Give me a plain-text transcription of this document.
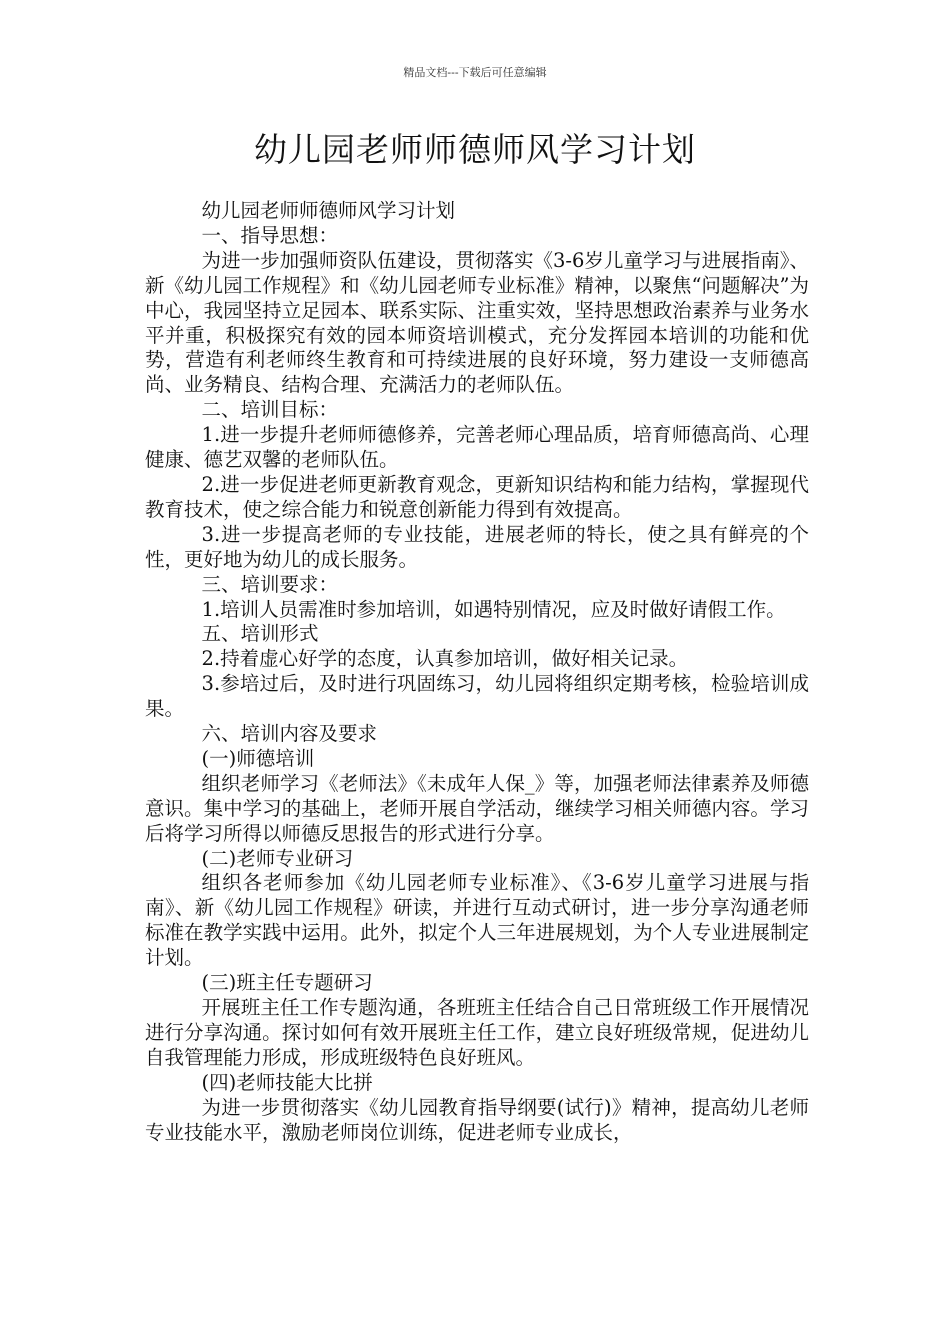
精品文档---下载后可任意编辑
幼儿园老师师德师风学习计划

幼儿园老师师德师风学习计划

一、指导思想：

为进一步加强师资队伍建设，贯彻落实《3-6岁儿童学习与进展指南》、新《幼儿园工作规程》和《幼儿园老师专业标准》精神，以聚焦“问题解决”为中心，我园坚持立足园本、联系实际、注重实效，坚持思想政治素养与业务水平并重，积极探究有效的园本师资培训模式，充分发挥园本培训的功能和优势，营造有利老师终生教育和可持续进展的良好环境，努力建设一支师德高尚、业务精良、结构合理、充满活力的老师队伍。

二、培训目标：

1.进一步提升老师师德修养，完善老师心理品质，培育师德高尚、心理健康、德艺双馨的老师队伍。

2.进一步促进老师更新教育观念，更新知识结构和能力结构，掌握现代教育技术，使之综合能力和锐意创新能力得到有效提高。

3.进一步提高老师的专业技能，进展老师的特长，使之具有鲜亮的个性，更好地为幼儿的成长服务。

三、培训要求：

1.培训人员需准时参加培训，如遇特别情况，应及时做好请假工作。

五、培训形式

2.持着虚心好学的态度，认真参加培训，做好相关记录。

3.参培过后，及时进行巩固练习，幼儿园将组织定期考核，检验培训成果。

六、培训内容及要求

(一)师德培训

组织老师学习《老师法》《未成年人保_》等，加强老师法律素养及师德意识。集中学习的基础上，老师开展自学活动，继续学习相关师德内容。学习后将学习所得以师德反思报告的形式进行分享。

(二)老师专业研习

组织各老师参加《幼儿园老师专业标准》、《3-6岁儿童学习进展与指南》、新《幼儿园工作规程》研读，并进行互动式研讨，进一步分享沟通老师标准在教学实践中运用。此外，拟定个人三年进展规划，为个人专业进展制定计划。

(三)班主任专题研习

开展班主任工作专题沟通，各班班主任结合自己日常班级工作开展情况进行分享沟通。探讨如何有效开展班主任工作，建立良好班级常规，促进幼儿自我管理能力形成，形成班级特色良好班风。

(四)老师技能大比拼

为进一步贯彻落实《幼儿园教育指导纲要(试行)》精神，提高幼儿老师专业技能水平，激励老师岗位训练，促进老师专业成长，
